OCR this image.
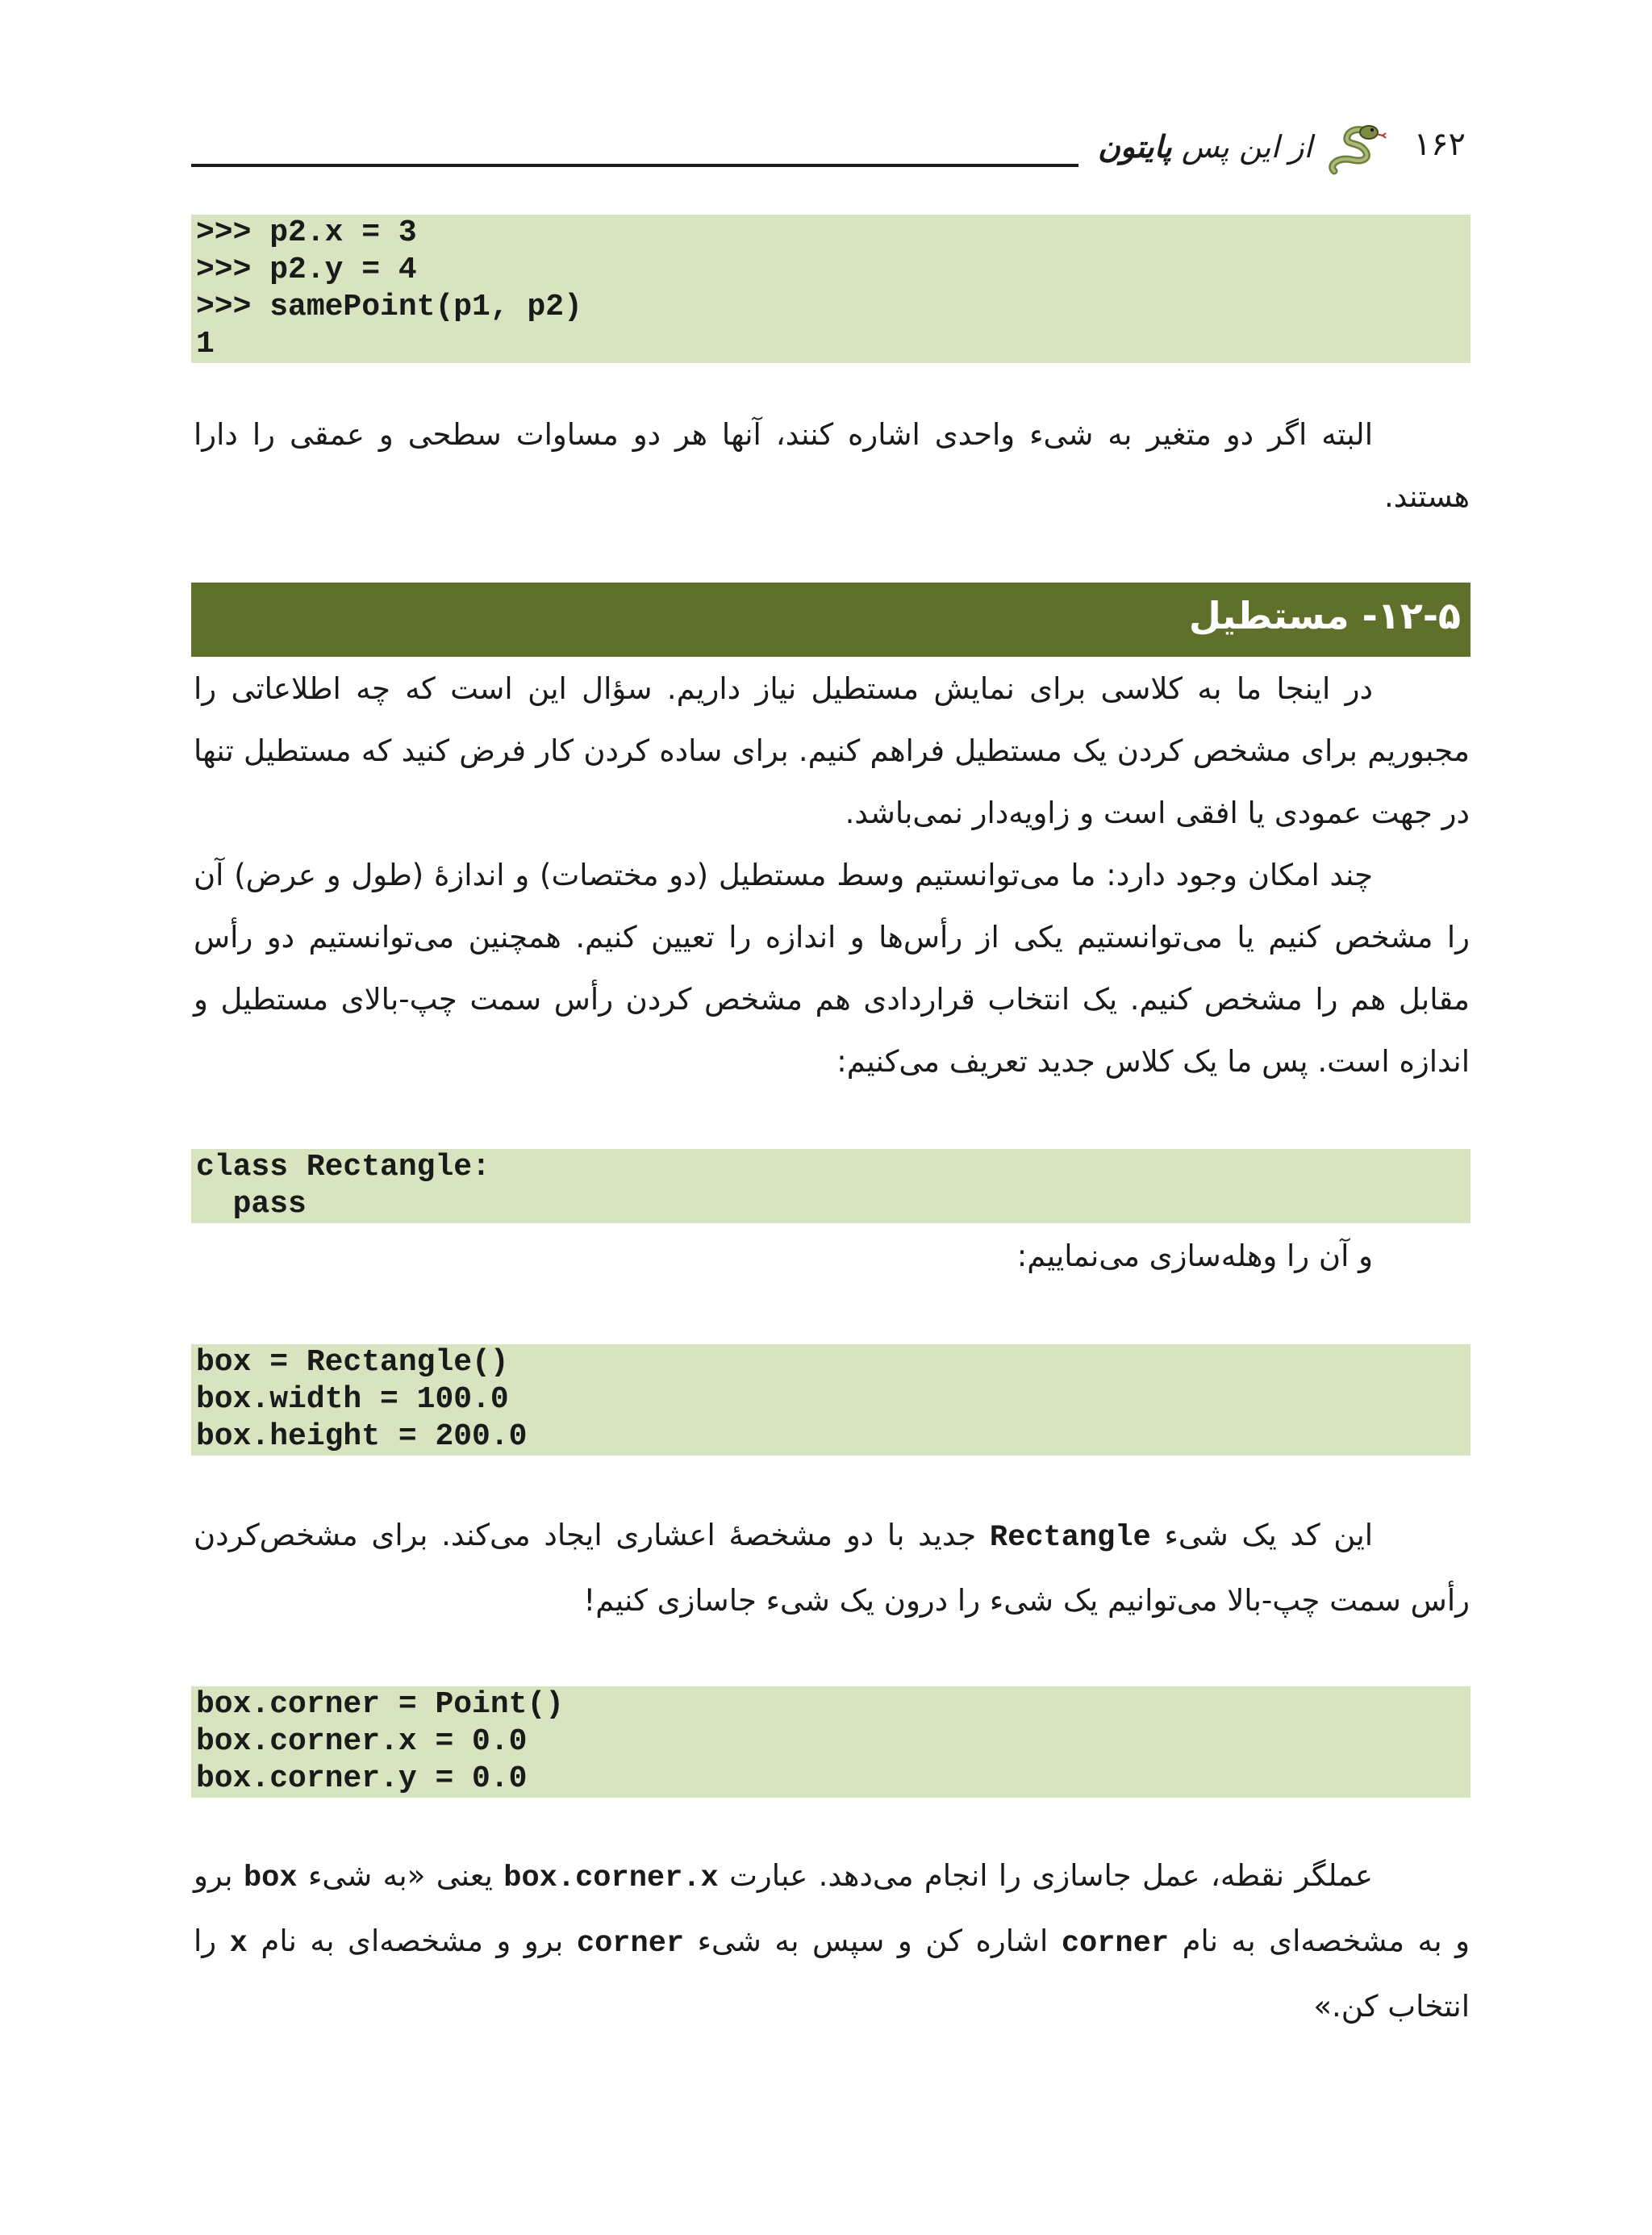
۱۶۲
از این پس پایتون
>>> p2.x = 3
>>> p2.y = 4
>>> samePoint(p1, p2)
1
البته اگر دو متغیر به شیء واحدی اشاره کنند، آنها هر دو مساوات سطحی و عمقی را دارا هستند.
۱۲-۵- مستطیل
در اینجا ما به کلاسی برای نمایش مستطیل نیاز داریم. سؤال این است که چه اطلاعاتی را مجبوریم برای مشخص کردن یک مستطیل فراهم کنیم. برای ساده کردن کار فرض کنید که مستطیل تنها در جهت عمودی یا افقی است و زاویه‌دار نمی‌باشد.
چند امکان وجود دارد: ما می‌توانستیم وسط مستطیل (دو مختصات) و اندازهٔ (طول و عرض) آن را مشخص کنیم یا می‌توانستیم یکی از رأس‌ها و اندازه را تعیین کنیم. همچنین می‌توانستیم دو رأس مقابل هم را مشخص کنیم. یک انتخاب قراردادی هم مشخص کردن رأس سمت چپ-بالای مستطیل و اندازه است. پس ما یک کلاس جدید تعریف می‌کنیم:
class Rectangle:
pass
و آن را وهله‌سازی می‌نماییم:
box = Rectangle()
box.width = 100.0
box.height = 200.0
این کد یک شیء Rectangle جدید با دو مشخصهٔ اعشاری ایجاد می‌کند. برای مشخص‌کردن رأس سمت چپ-بالا می‌توانیم یک شیء را درون یک شیء جاسازی کنیم!
box.corner = Point()
box.corner.x = 0.0
box.corner.y = 0.0
عملگر نقطه، عمل جاسازی را انجام می‌دهد. عبارت box.corner.x یعنی «به شیء box برو و به مشخصه‌ای به نام corner اشاره کن و سپس به شیء corner برو و مشخصه‌ای به نام x را انتخاب کن.»
